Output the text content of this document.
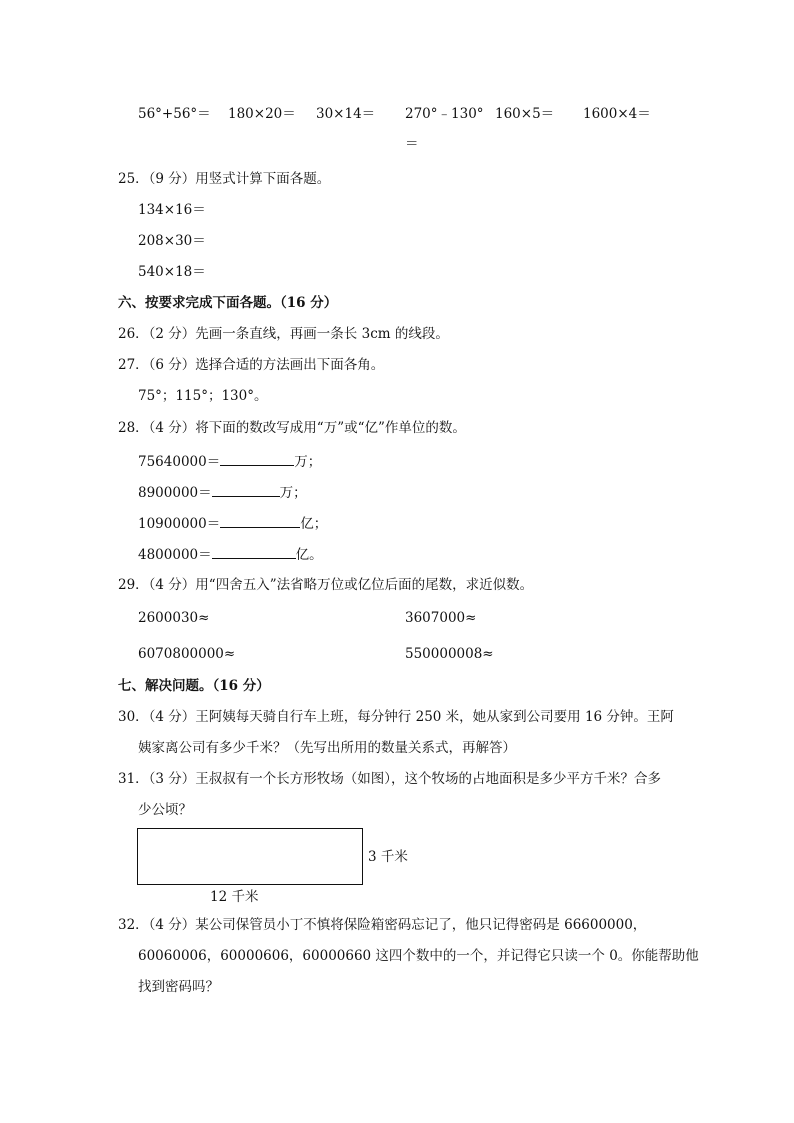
56°+56°＝ 180×20＝ 30×14＝ 270°﹣130° 160×5＝ 1600×4＝
＝
25．（9 分）用竖式计算下面各题。
134×16＝
208×30＝
540×18＝
六、按要求完成下面各题。（16 分）
26．（2 分）先画一条直线，再画一条长 3cm 的线段。
27．（6 分）选择合适的方法画出下面各角。
75°；115°；130°。
28．（4 分）将下面的数改写成用“万”或“亿”作单位的数。
75640000＝	万；
8900000＝	万；
10900000＝	亿；
4800000＝	亿。
29．（4 分）用“四舍五入”法省略万位或亿位后面的尾数，求近似数。
2600030≈	3607000≈
6070800000≈	550000008≈
七、解决问题。（16 分）
30．（4 分）王阿姨每天骑自行车上班，每分钟行 250 米，她从家到公司要用 16 分钟。王阿
姨家离公司有多少千米？（先写出所用的数量关系式，再解答）
31．（3 分）王叔叔有一个长方形牧场（如图），这个牧场的占地面积是多少平方千米？合多
少公顷？
3 千米
12 千米
32．（4 分）某公司保管员小丁不慎将保险箱密码忘记了，他只记得密码是 66600000，
60060006，60000606，60000660 这四个数中的一个，并记得它只读一个 0。你能帮助他
找到密码吗？
